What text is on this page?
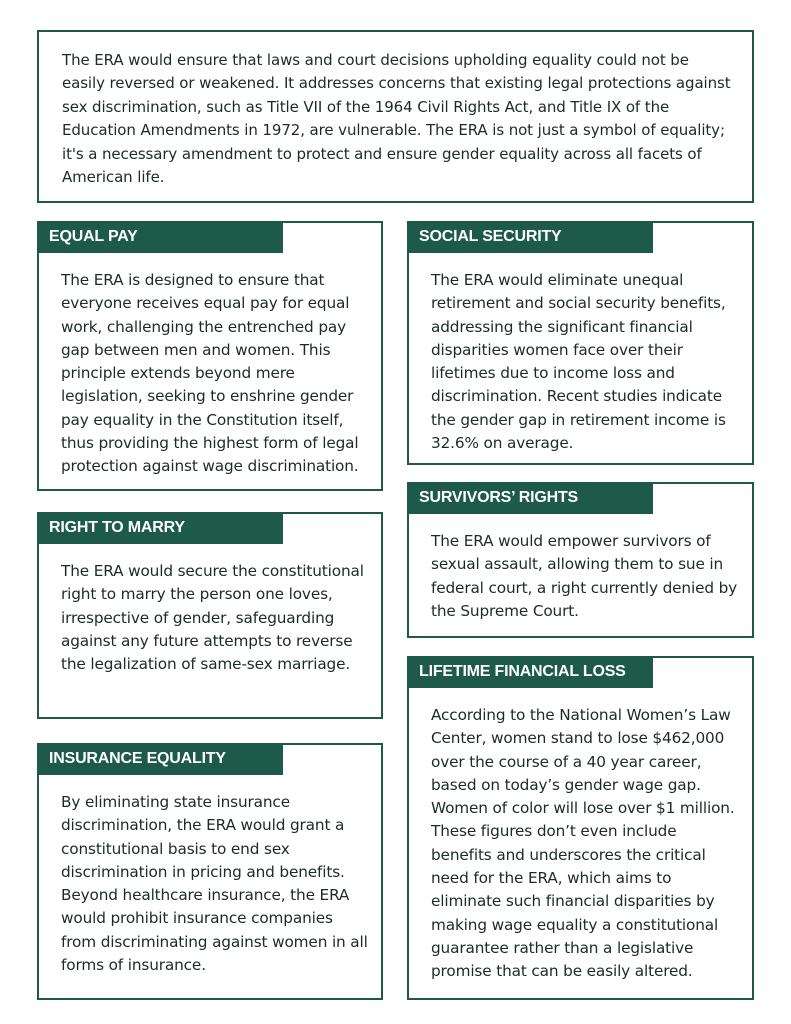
The ERA would ensure that laws and court decisions upholding equality could not be easily reversed or weakened. It addresses concerns that existing legal protections against sex discrimination, such as Title VII of the 1964 Civil Rights Act, and Title IX of the Education Amendments in 1972, are vulnerable. The ERA is not just a symbol of equality; it's a necessary amendment to protect and ensure gender equality across all facets of American life.

EQUAL PAY

The ERA is designed to ensure that everyone receives equal pay for equal work, challenging the entrenched pay gap between men and women. This principle extends beyond mere legislation, seeking to enshrine gender pay equality in the Constitution itself, thus providing the highest form of legal protection against wage discrimination.

SOCIAL SECURITY

The ERA would eliminate unequal retirement and social security benefits, addressing the significant financial disparities women face over their lifetimes due to income loss and discrimination. Recent studies indicate the gender gap in retirement income is 32.6% on average.

RIGHT TO MARRY

The ERA would secure the constitutional right to marry the person one loves, irrespective of gender, safeguarding against any future attempts to reverse the legalization of same-sex marriage.

SURVIVORS’ RIGHTS

The ERA would empower survivors of sexual assault, allowing them to sue in federal court, a right currently denied by the Supreme Court.

INSURANCE EQUALITY

By eliminating state insurance discrimination, the ERA would grant a constitutional basis to end sex discrimination in pricing and benefits. Beyond healthcare insurance, the ERA would prohibit insurance companies from discriminating against women in all forms of insurance.

LIFETIME FINANCIAL LOSS

According to the National Women’s Law Center, women stand to lose $462,000 over the course of a 40 year career, based on today’s gender wage gap. Women of color will lose over $1 million. These figures don’t even include benefits and underscores the critical need for the ERA, which aims to eliminate such financial disparities by making wage equality a constitutional guarantee rather than a legislative promise that can be easily altered.
